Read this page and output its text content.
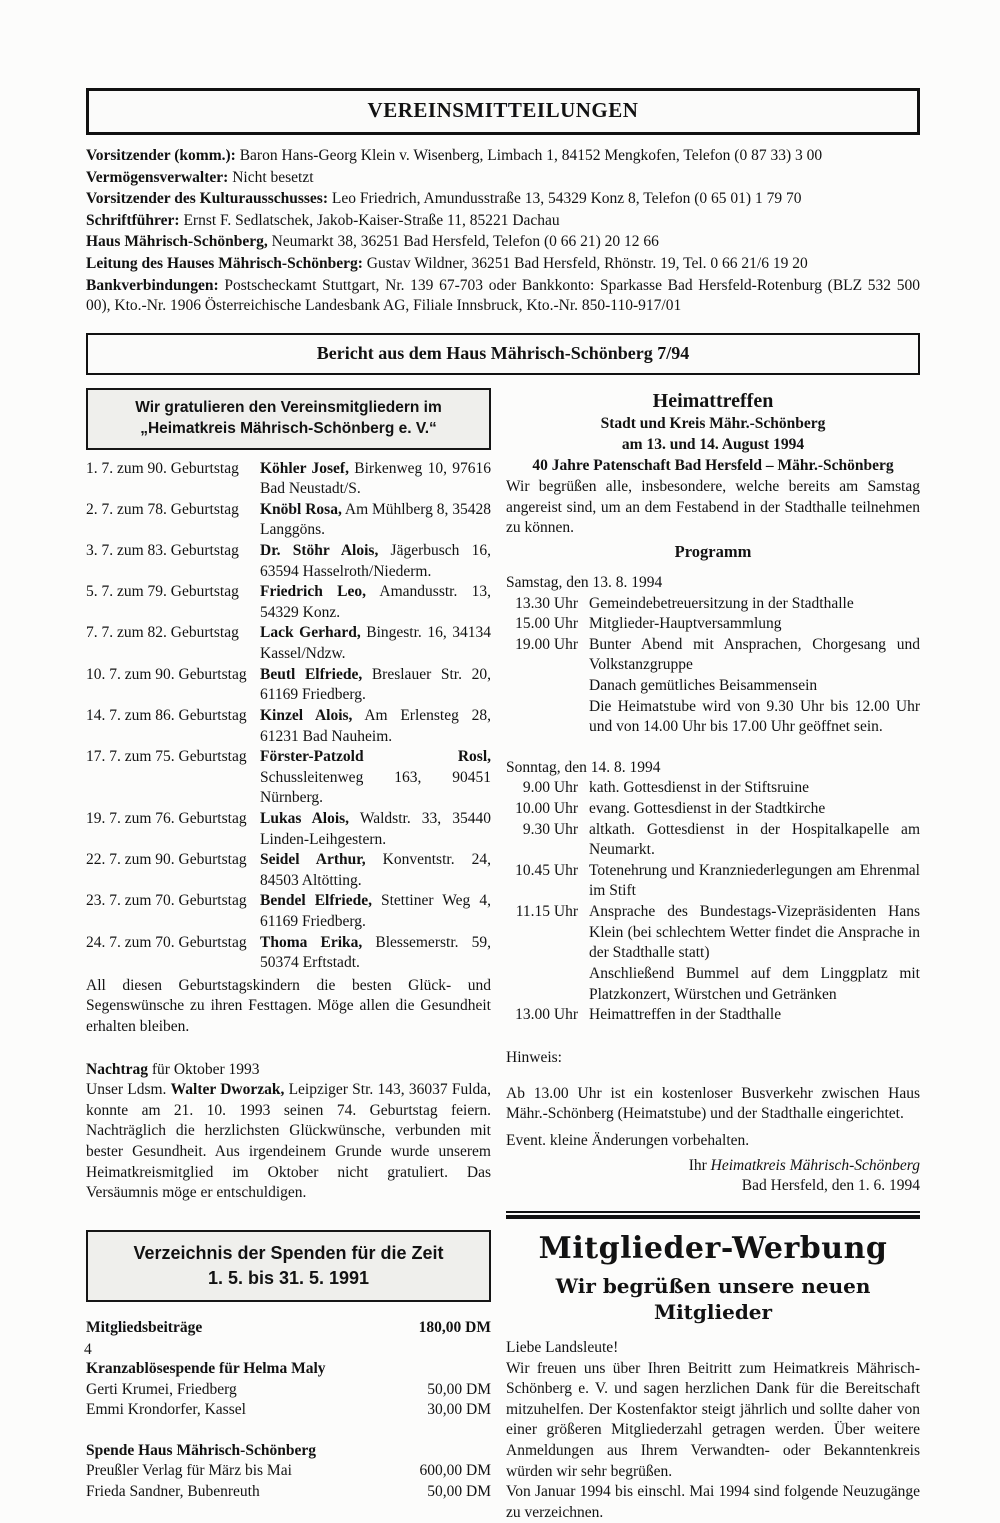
VEREINSMITTEILUNGEN

Vorsitzender (komm.): Baron Hans-Georg Klein v. Wisenberg, Limbach 1, 84152 Mengkofen, Telefon (0 87 33) 3 00

Vermögensverwalter: Nicht besetzt

Vorsitzender des Kulturausschusses: Leo Friedrich, Amundusstraße 13, 54329 Konz 8, Telefon (0 65 01) 1 79 70

Schriftführer: Ernst F. Sedlatschek, Jakob-Kaiser-Straße 11, 85221 Dachau

Haus Mährisch-Schönberg, Neumarkt 38, 36251 Bad Hersfeld, Telefon (0 66 21) 20 12 66

Leitung des Hauses Mährisch-Schönberg: Gustav Wildner, 36251 Bad Hersfeld, Rhönstr. 19, Tel. 0 66 21/6 19 20

Bankverbindungen: Postscheckamt Stuttgart, Nr. 139 67-703 oder Bankkonto: Sparkasse Bad Hersfeld-Rotenburg (BLZ 532 500 00), Kto.-Nr. 1906 Österreichische Landesbank AG, Filiale Innsbruck, Kto.-Nr. 850-110-917/01

Bericht aus dem Haus Mährisch-Schönberg 7/94
Wir gratulieren den Vereinsmitgliedern im
„Heimatkreis Mährisch-Schönberg e. V.“
1. 7. zum 90. Geburtstag	Köhler Josef, Birkenweg 10, 97616 Bad Neustadt/S.
2. 7. zum 78. Geburtstag	Knöbl Rosa, Am Mühlberg 8, 35428 Langgöns.
3. 7. zum 83. Geburtstag	Dr. Stöhr Alois, Jägerbusch 16, 63594 Hasselroth/Niederm.
5. 7. zum 79. Geburtstag	Friedrich Leo, Amandusstr. 13, 54329 Konz.
7. 7. zum 82. Geburtstag	Lack Gerhard, Bingestr. 16, 34134 Kassel/Ndzw.
10. 7. zum 90. Geburtstag Beutl Elfriede, Breslauer Str. 20, 61169 Friedberg.
14. 7. zum 86. Geburtstag Kinzel Alois, Am Erlensteg 28, 61231 Bad Nauheim.
17. 7. zum 75. Geburtstag Förster-Patzold Rosl, Schussleitenweg 163, 90451 Nürnberg.
19. 7. zum 76. Geburtstag Lukas Alois, Waldstr. 33, 35440 Linden-Leihgestern.
22. 7. zum 90. Geburtstag Seidel Arthur, Konventstr. 24, 84503 Altötting.
23. 7. zum 70. Geburtstag Bendel Elfriede, Stettiner Weg 4, 61169 Friedberg.
24. 7. zum 70. Geburtstag Thoma Erika, Blessemerstr. 59, 50374 Erftstadt.

All diesen Geburtstagskindern die besten Glück- und Segenswünsche zu ihren Festtagen. Möge allen die Gesundheit erhalten bleiben.

Nachtrag für Oktober 1993

Unser Ldsm. Walter Dworzak, Leipziger Str. 143, 36037 Fulda, konnte am 21. 10. 1993 seinen 74. Geburtstag feiern. Nachträglich die herzlichsten Glückwünsche, verbunden mit bester Gesundheit. Aus irgendeinem Grunde wurde unserem Heimatkreismitglied im Oktober nicht gratuliert. Das Versäumnis möge er entschuldigen.

Verzeichnis der Spenden für die Zeit
1. 5. bis 31. 5. 1991
Mitgliedsbeiträge	180,00 DM
Kranzablösespende für Helma Maly
Gerti Krumei, Friedberg	50,00 DM
Emmi Krondorfer, Kassel	30,00 DM
Spende Haus Mährisch-Schönberg
Preußler Verlag für März bis Mai	600,00 DM
Frieda Sandner, Bubenreuth	50,00 DM

Heimattreffen

Stadt und Kreis Mähr.-Schönberg

am 13. und 14. August 1994

40 Jahre Patenschaft Bad Hersfeld – Mähr.-Schönberg

Wir begrüßen alle, insbesondere, welche bereits am Samstag angereist sind, um an dem Festabend in der Stadthalle teilnehmen zu können.

Programm

Samstag, den 13. 8. 1994

13.30 Uhr Gemeindebetreuersitzung in der Stadthalle
15.00 Uhr Mitglieder-Hauptversammlung
19.00 Uhr Bunter Abend mit Ansprachen, Chorgesang und Volkstanzgruppe
Danach gemütliches Beisammensein
Die Heimatstube wird von 9.30 Uhr bis 12.00 Uhr und von 14.00 Uhr bis 17.00 Uhr geöffnet sein.

Sonntag, den 14. 8. 1994

9.00 Uhr kath. Gottesdienst in der Stiftsruine
10.00 Uhr evang. Gottesdienst in der Stadtkirche
9.30 Uhr altkath. Gottesdienst in der Hospitalkapelle am Neumarkt.
10.45 Uhr Totenehrung und Kranzniederlegungen am Ehrenmal im Stift
11.15 Uhr Ansprache des Bundestags-Vizepräsidenten Hans Klein (bei schlechtem Wetter findet die Ansprache in der Stadthalle statt)
Anschließend Bummel auf dem Linggplatz mit Platzkonzert, Würstchen und Getränken
13.00 Uhr Heimattreffen in der Stadthalle

Hinweis:

Ab 13.00 Uhr ist ein kostenloser Busverkehr zwischen Haus Mähr.-Schönberg (Heimatstube) und der Stadthalle eingerichtet.

Event. kleine Änderungen vorbehalten.

Ihr Heimatkreis Mährisch-Schönberg
Bad Hersfeld, den 1. 6. 1994

Mitglieder-Werbung

Wir begrüßen unsere neuen Mitglieder

Liebe Landsleute!

Wir freuen uns über Ihren Beitritt zum Heimatkreis Mährisch-Schönberg e. V. und sagen herzlichen Dank für die Bereitschaft mitzuhelfen. Der Kostenfaktor steigt jährlich und sollte daher von einer größeren Mitgliederzahl getragen werden. Über weitere Anmeldungen aus Ihrem Verwandten- oder Bekanntenkreis würden wir sehr begrüßen.

Von Januar 1994 bis einschl. Mai 1994 sind folgende Neuzugänge zu verzeichnen.

4
